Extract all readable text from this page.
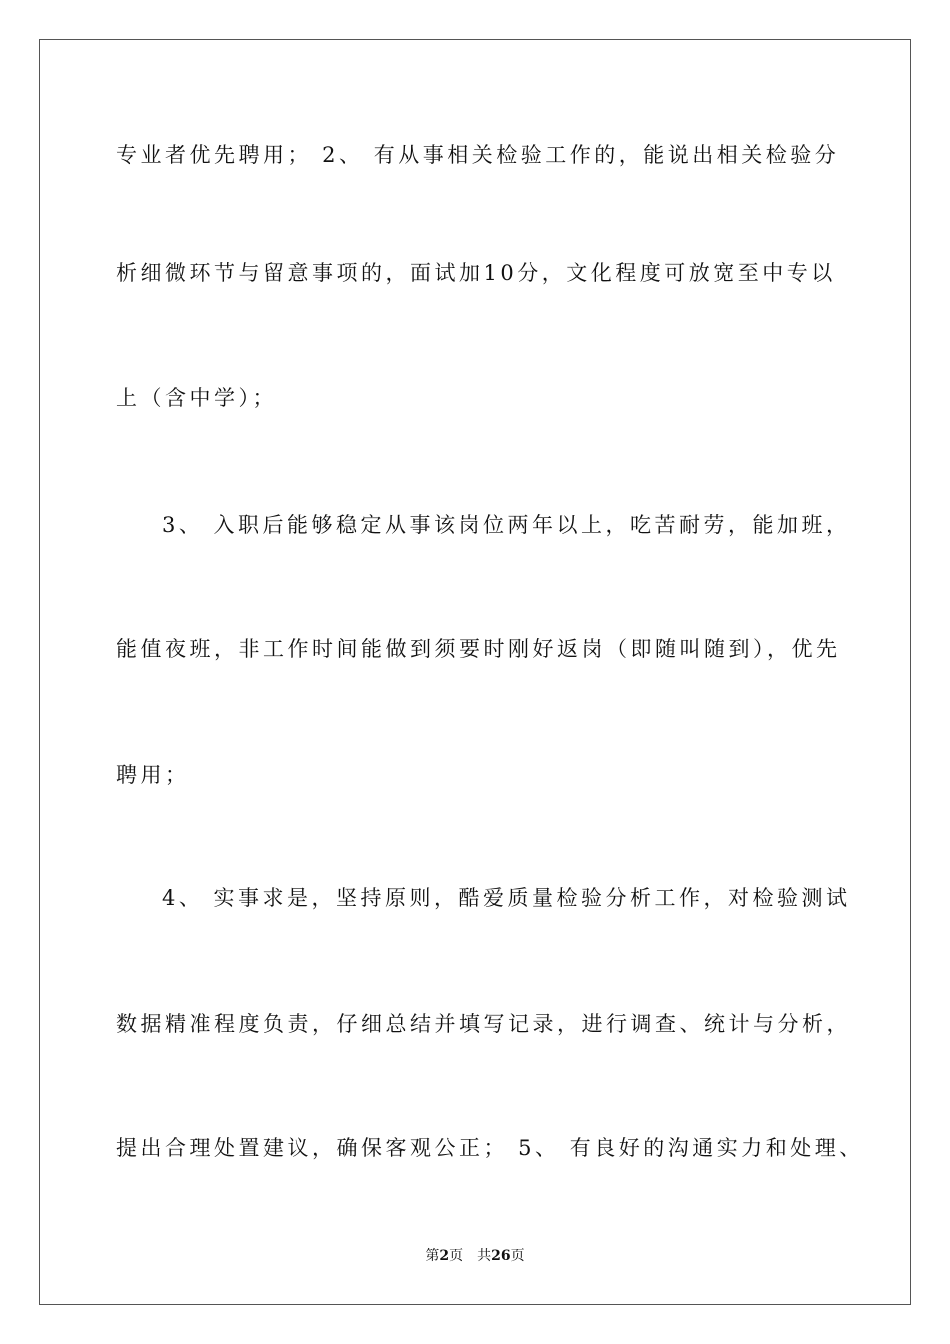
专业者优先聘用； 2、 有从事相关检验工作的，能说出相关检验分
析细微环节与留意事项的，面试加10分，文化程度可放宽至中专以
上（含中学）；
3、 入职后能够稳定从事该岗位两年以上，吃苦耐劳，能加班，
能值夜班，非工作时间能做到须要时刚好返岗（即随叫随到），优先
聘用；
4、 实事求是，坚持原则，酷爱质量检验分析工作，对检验测试
数据精准程度负责，仔细总结并填写记录，进行调查、统计与分析，
提出合理处置建议，确保客观公正； 5、 有良好的沟通实力和处理、
第2页 共26页
